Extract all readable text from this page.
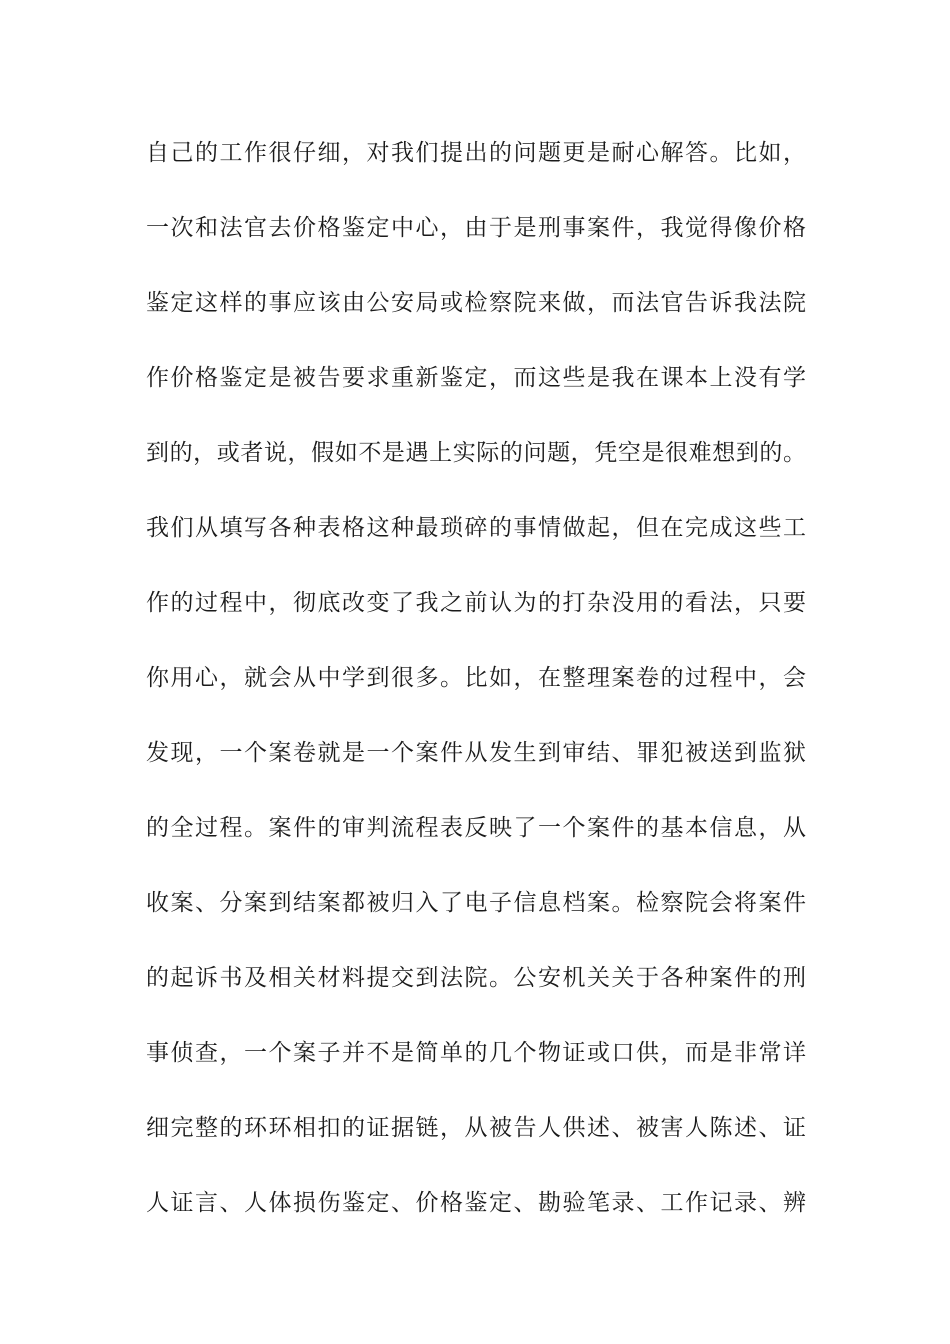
自己的工作很仔细，对我们提出的问题更是耐心解答。比如，
一次和法官去价格鉴定中心，由于是刑事案件，我觉得像价格
鉴定这样的事应该由公安局或检察院来做，而法官告诉我法院
作价格鉴定是被告要求重新鉴定，而这些是我在课本上没有学
到的，或者说，假如不是遇上实际的问题，凭空是很难想到的。
我们从填写各种表格这种最琐碎的事情做起，但在完成这些工
作的过程中，彻底改变了我之前认为的打杂没用的看法，只要
你用心，就会从中学到很多。比如，在整理案卷的过程中，会
发现，一个案卷就是一个案件从发生到审结、罪犯被送到监狱
的全过程。案件的审判流程表反映了一个案件的基本信息，从
收案、分案到结案都被归入了电子信息档案。检察院会将案件
的起诉书及相关材料提交到法院。公安机关关于各种案件的刑
事侦查，一个案子并不是简单的几个物证或口供，而是非常详
细完整的环环相扣的证据链，从被告人供述、被害人陈述、证
人证言、人体损伤鉴定、价格鉴定、勘验笔录、工作记录、辨
